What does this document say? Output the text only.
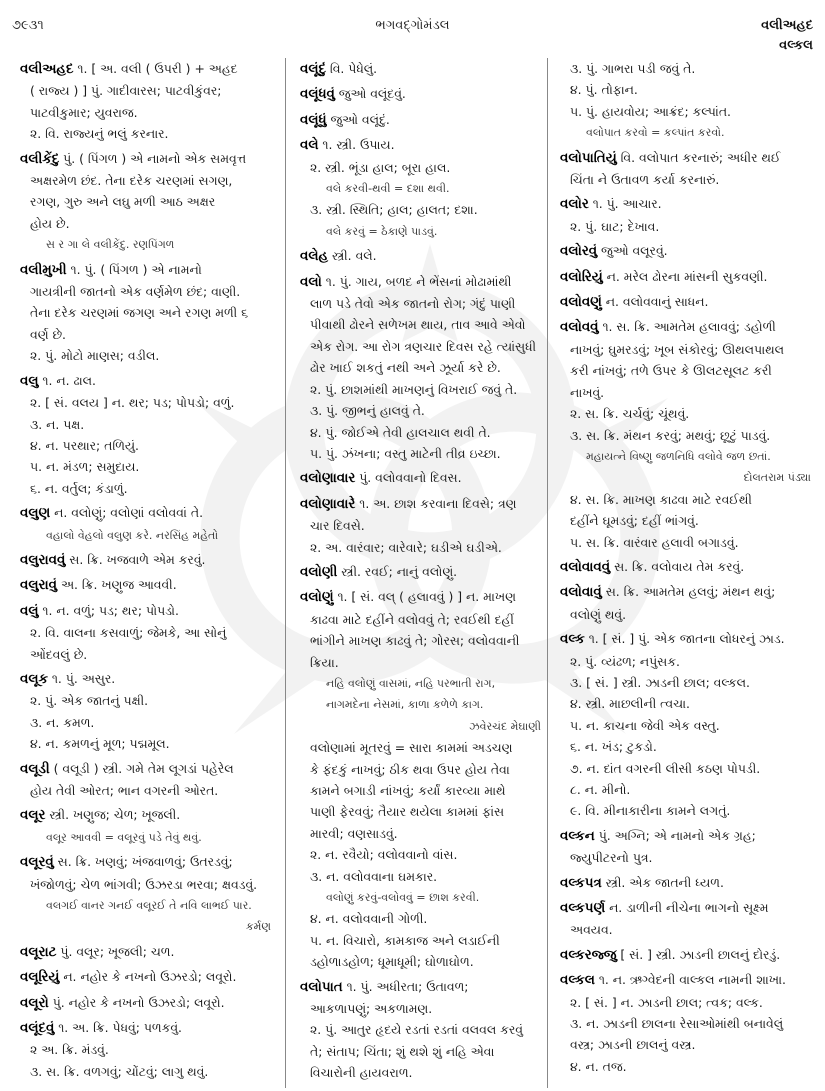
૭૯૩૧	ભગવદ્ગોમંડલ	વલીઅહદ
વલ્કલ
વલીઅહદ ૧. [ અ. વલી ( ઉપરી ) + અહદ
( રાજ્ય ) ] પું. ગાદીવારસ; પાટવીકુંવર;
પાટવીકુમાર; યુવરાજ.
૨. વિ. રાજ્યનું ભલું કરનાર.
વલીકેંદુ પું. ( પિંગળ ) એ નામનો એક સમવૃત્ત
અક્ષરમેળ છંદ. તેના દરેક ચરણમાં સગણ,
રગણ, ગુરુ અને લઘુ મળી આઠ અક્ષર
હોય છે.
સ ર ગા લે વલીકેંદુ. રણપિંગળ
વલીમુખી ૧. પું. ( પિંગળ ) એ નામનો
ગાયત્રીની જાતનો એક વર્ણમેળ છંદ; વાણી.
તેના દરેક ચરણમાં જગણ અને રગણ મળી ૬
વર્ણ છે.
૨. પું. મોટો માણસ; વડીલ.
વલુ ૧. ન. ઢાલ.
૨. [ સં. વલય ] ન. થર; પડ; પોપડો; વળું.
૩. ન. પક્ષ.
૪. ન. પરથાર; તળિયું.
૫. ન. મંડળ; સમુદાય.
૬. ન. વર્તુલ; કંડાળું.
વલુણ ન. વલોણું; વલોણાં વલોવવાં તે.
વહાલો વેહલો વલુણ કરે. નરસિંહ મહેતો
વલુરાવવું સ. ક્રિ. ખજવાળે એમ કરવું.
વલુરાવું અ. ક્રિ. ખણુજ આવવી.
વલું ૧. ન. વળું; પડ; થર; પોપડો.
૨. વિ. વાલના કસવાળું; જેમકે, આ સોનું
ઓંદવલું છે.
વલૂક ૧. પું. અસુર.
૨. પું. એક જાતનું પક્ષી.
૩. ન. કમળ.
૪. ન. કમળનું મૂળ; પદ્મમૂલ.
વલૂડી ( વલૂડી ) સ્ત્રી. ગમે તેમ લૂગડાં પહેરેલ
હોય તેવી ઓરત; ભાન વગરની ઓરત.
વલૂર સ્ત્રી. ખણુજ; ચેળ; ખૂજલી.
વલૂર આવવી = વલૂરવું પડે તેવું થવું.
વલૂરવું સ. ક્રિ. ખણવું; ખંજવાળવું; ઉતરડવું;
ખંજોળવું; ચેળ ભાંગવી; ઉઝરડા ભરવા; ક્ષવડવું.
વલગઈ વાનર ગનઈ વલૂરઈ તે નવિ લાભઈ પાર.
કર્મણ
વલૂરાટ પું. વલૂર; ખૂજલી; ચળ.
વલૂરિયું ન. નહોર કે નખનો ઉઝરડો; લવૂરો.
વલૂરો પું. નહોર કે નખનો ઉઝરડો; લવૂરો.
વલૂંદવું ૧. અ. ક્રિ. પેધવું; પળકવું.
૨ અ. ક્રિ. મંડવું.
૩. સ. ક્રિ. વળગવું; ચોંટવું; લાગુ થવું.
વલૂંદું વિ. પેધેલું.
વલૂંધવું જુઓ વલૂંદવું.
વલૂંધું જુઓ વલૂંદું.
વલે ૧. સ્ત્રી. ઉપાય.
૨. સ્ત્રી. ભૂંડા હાલ; બૂરા હાલ.
વલે કરવી-થવી = દશા થવી.
૩. સ્ત્રી. સ્થિતિ; હાલ; હાલત; દશા.
વલે કરવું = ઠેકાણે પાડવું.
વલેહ સ્ત્રી. વલે.
વલો ૧. પું. ગાય, બળદ ને ભેંસનાં મોઢામાંથી
લાળ પડે તેવો એક જાતનો રોગ; ગંદું પાણી
પીવાથી ઢોરને સળેખમ થાય, તાવ આવે એવો
એક રોગ. આ રોગ ત્રણચાર દિવસ રહે ત્યાંસુધી
ઢોર ખાઈ શકતું નથી અને ઝૂર્યા કરે છે.
૨. પું. છાશમાંથી માખણનું વિખરાઈ જવું તે.
૩. પું. જીભનું હાલવું તે.
૪. પું. જોઈએ તેવી હાલચાલ થવી તે.
૫. પું. ઝંખના; વસ્તુ માટેની તીવ્ર ઇચ્છા.
વલોણાવાર પું. વલોવવાનો દિવસ.
વલોણાવારે ૧. અ. છાશ કરવાના દિવસે; ત્રણ
ચાર દિવસે.
૨. અ. વારંવાર; વારેવારે; ઘડીએ ઘડીએ.
વલોણી સ્ત્રી. રવઈ; નાનું વલોણું.
વલોણું ૧. [ સં. વલ્ ( હલાવવું ) ] ન. માખણ
કાઢવા માટે દહીંને વલોવવું તે; રવઈથી દહીં
ભાંગીને માખણ કાઢવું તે; ગોરસ; વલોવવાની
ક્રિયા.
નહિ વલોણું વાસમાં, નહિ પરભાતી રાગ,
નાગમદેના નેસમાં, કાળા કળેળે કાગ.
ઝવેરચંદ મેઘાણી
વલોણામાં મૂતરવું = સારા કામમાં અડચણ
કે ફંદકું નાખવું; ઠીક થવા ઉપર હોય તેવા
કામને બગાડી નાંખવું; કર્યાં કારવ્યા માથે
પાણી ફેરવવું; તૈયાર થયેલા કામમાં ફાંસ
મારવી; વણસાડવું.
૨. ન. રવૈયો; વલોવવાનો વાંસ.
૩. ન. વલોવવાના ઘમકાર.
વલોણું કરવું-વલોવવું = છાશ કરવી.
૪. ન. વલોવવાની ગોળી.
૫. ન. વિચારો, કામકાજ અને લડાઈની
ડહોળાડહોળ; ધૂમાધૂમી; ઘોળાઘોળ.
વલોપાત ૧. પું. અધીરતા; ઉતાવળ;
આકળાપણું; અકળામણ.
૨. પું. આતુર હૃદયે રડતાં રડતાં વલવલ કરવું
તે; સંતાપ; ચિંતા; શું થશે શું નહિ એવા
વિચારોની હાયવરાળ.
૩. પું. ગાભરા પડી જવું તે.
૪. પું. તોફાન.
૫. પું. હાયવોય; આક્રંદ; કલ્પાંત.
વલોપાત કરવો = કલ્પાંત કરવો.
વલોપાતિયું વિ. વલોપાત કરનારું; અધીર થઈ
ચિંતા ને ઉતાવળ કર્યા કરનારું.
વલોર ૧. પું. આચાર.
૨. પું. ઘાટ; દેખાવ.
વલોરવું જુઓ વલૂરવું.
વલોરિયું ન. મરેલ ઢોરના માંસની સુકવણી.
વલોવણું ન. વલોવવાનું સાધન.
વલોવવું ૧. સ. ક્રિ. આમતેમ હલાવવું; ડહોળી
નાખવું; ઘુમરડવું; ખૂબ સંકોરવું; ઊથલપાથલ
કરી નાંખવું; તળે ઉપર કે ઊલટસૂલટ કરી
નાખવું.
૨. સ. ક્રિ. ચર્ચવું; ચૂંથવું.
૩. સ. ક્રિ. મંથન કરવું; મથવું; છૂટું પાડવું.
મહાયત્ને વિષ્ણુ જળનિધિ વલોવે જળ છતાં.
દોલતરામ પંડ્યા
૪. સ. ક્રિ. માખણ કાઢવા માટે રવઈથી
દહીંને ઘૂમડવું; દહીં ભાંગવું.
૫. સ. ક્રિ. વારંવાર હલાવી બગાડવું.
વલોવાવવું સ. ક્રિ. વલોવાય તેમ કરવું.
વલોવાવું સ. ક્રિ. આમતેમ હલવું; મંથન થવું;
વલોણું થવું.
વલ્ક ૧. [ સં. ] પું. એક જાતના લોધરનું ઝાડ.
૨. પું. વ્યંઢળ; નપુંસક.
૩. [ સં. ] સ્ત્રી. ઝાડની છાલ; વલ્કલ.
૪. સ્ત્રી. માછલીની ત્વચા.
૫. ન. કાચના જેવી એક વસ્તુ.
૬. ન. ખંડ; ટુકડો.
૭. ન. દાંત વગરની લીસી કઠણ પોપડી.
૮. ન. મીનો.
૯. વિ. મીનાકારીના કામને લગતું.
વલ્કન પું. અગ્નિ; એ નામનો એક ગ્રહ;
જ્યુપીટરનો પુત્ર.
વલ્કપત્ર સ્ત્રી. એક જાતની ધ્યળ.
વલ્કપર્ણ ન. ડાળીની નીચેના ભાગનો સૂક્ષ્મ
અવયવ.
વલ્કરજ્જુ [ સં. ] સ્ત્રી. ઝાડની છાલનું દોરડું.
વલ્કલ ૧. ન. ઋગ્વેદની વાલ્કલ નામની શાખા.
૨. [ સં. ] ન. ઝાડની છાલ; ત્વક; વલ્ક.
૩. ન. ઝાડની છાલના રેસાઓમાંથી બનાવેલું
વસ્ત્ર; ઝાડની છાલનું વસ્ત્ર.
૪. ન. તજ.
